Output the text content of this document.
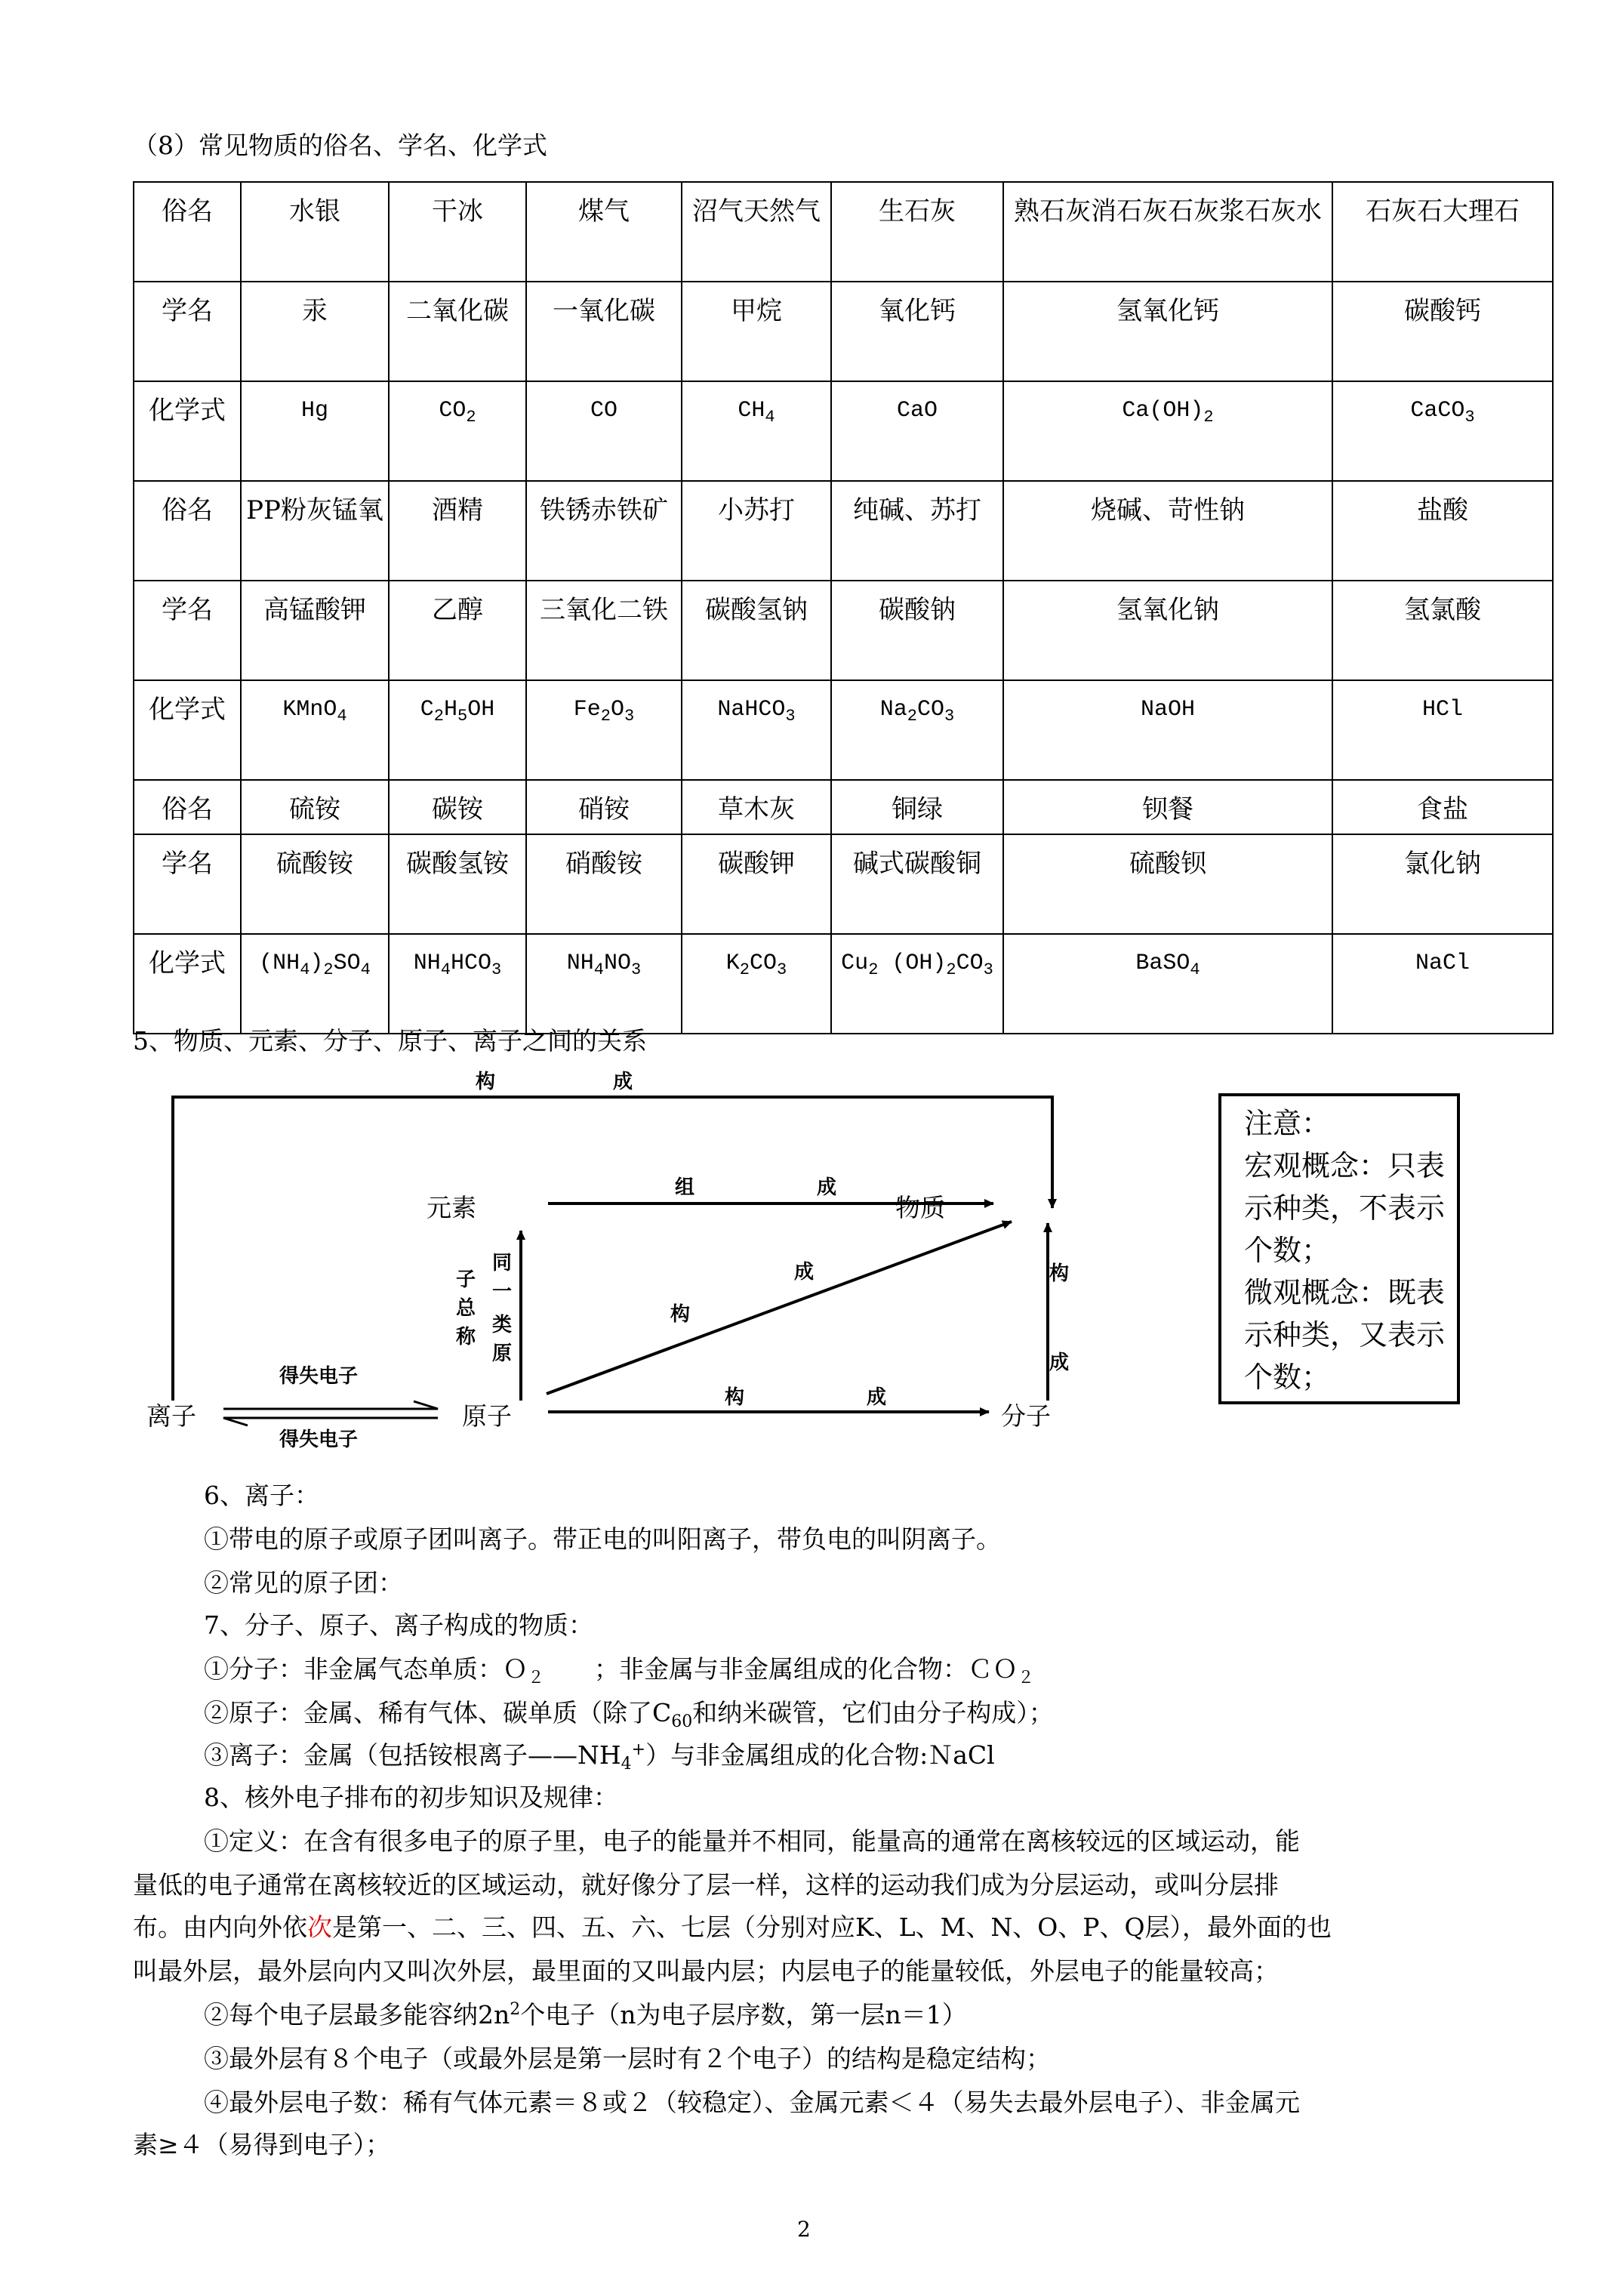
（8）常见物质的俗名、学名、化学式
俗名	水银	干冰	煤气	沼气天然气	生石灰	熟石灰消石灰石灰浆石灰水	石灰石大理石
学名	汞	二氧化碳	一氧化碳	甲烷	氧化钙	氢氧化钙	碳酸钙
化学式	Hg	$CO_2$	CO	$CH_4$	CaO	$Ca(OH)_2$	CaCO$_3$
俗名	PP粉灰锰氧	酒精	铁锈赤铁矿	小苏打	纯碱、苏打	烧碱、苛性钠	盐酸
学名	高锰酸钾	乙醇	三氧化二铁	碳酸氢钠	碳酸钠	氢氧化钠	氢氯酸
化学式	KMnO$_4$	$C_2H_5OH$	$Fe_2O_3$	NaHCO$_3$	$Na_2CO_3$	NaOH	HCl
俗名	硫铵	碳铵	硝铵	草木灰	铜绿	钡餐	食盐
学名	硫酸铵	碳酸氢铵	硝酸铵	碳酸钾	碱式碳酸铜	硫酸钡	氯化钠
化学式	$(NH_4)_2SO_4$	$NH_4HCO_3$	$NH_4NO_3$	$K_2CO_3$	$Cu_2$ $(OH)_2CO_3$	BaSO$_4$	NaCl
5、物质、元素、分子、原子、离子之间的关系
元素	物质
原子
离子	分子
构	成
组	成
成
构
构
成
构	成
得失电子
得失电子
子
总
称
同
一
类
原
注意：
宏观概念：只表示种类，不表示个数；
微观概念：既表示种类，又表示个数；
6、离子：
①带电的原子或原子团叫离子。带正电的叫阳离子，带负电的叫阴离子。
②常见的原子团：
7、分子、原子、离子构成的物质：
①分子：非金属气态单质：Ｏ$_2$　　；非金属与非金属组成的化合物：ＣＯ$_2$
②原子：金属、稀有气体、碳单质（除了$C_{60}$和纳米碳管，它们由分子构成）；
③离子：金属（包括铵根离子$——NH_4^+$）与非金属组成的化合物:ＮaCl
8、核外电子排布的初步知识及规律：
①定义：在含有很多电子的原子里，电子的能量并不相同，能量高的通常在离核较远的区域运动，能
量低的电子通常在离核较近的区域运动，就好像分了层一样，这样的运动我们成为分层运动，或叫分层排
布。由内向外依次是第一、二、三、四、五、六、七层（分别对应K、L、M、N、O、P、Q层），最外面的也
叫最外层，最外层向内又叫次外层，最里面的又叫最内层；内层电子的能量较低，外层电子的能量较高；
②每个电子层最多能容纳$2n^2$个电子（n为电子层序数，第一层n＝1）
③最外层有８个电子（或最外层是第一层时有２个电子）的结构是稳定结构；
④最外层电子数：稀有气体元素＝８或２（较稳定）、金属元素＜４（易失去最外层电子）、非金属元
素≥４（易得到电子）；
2
